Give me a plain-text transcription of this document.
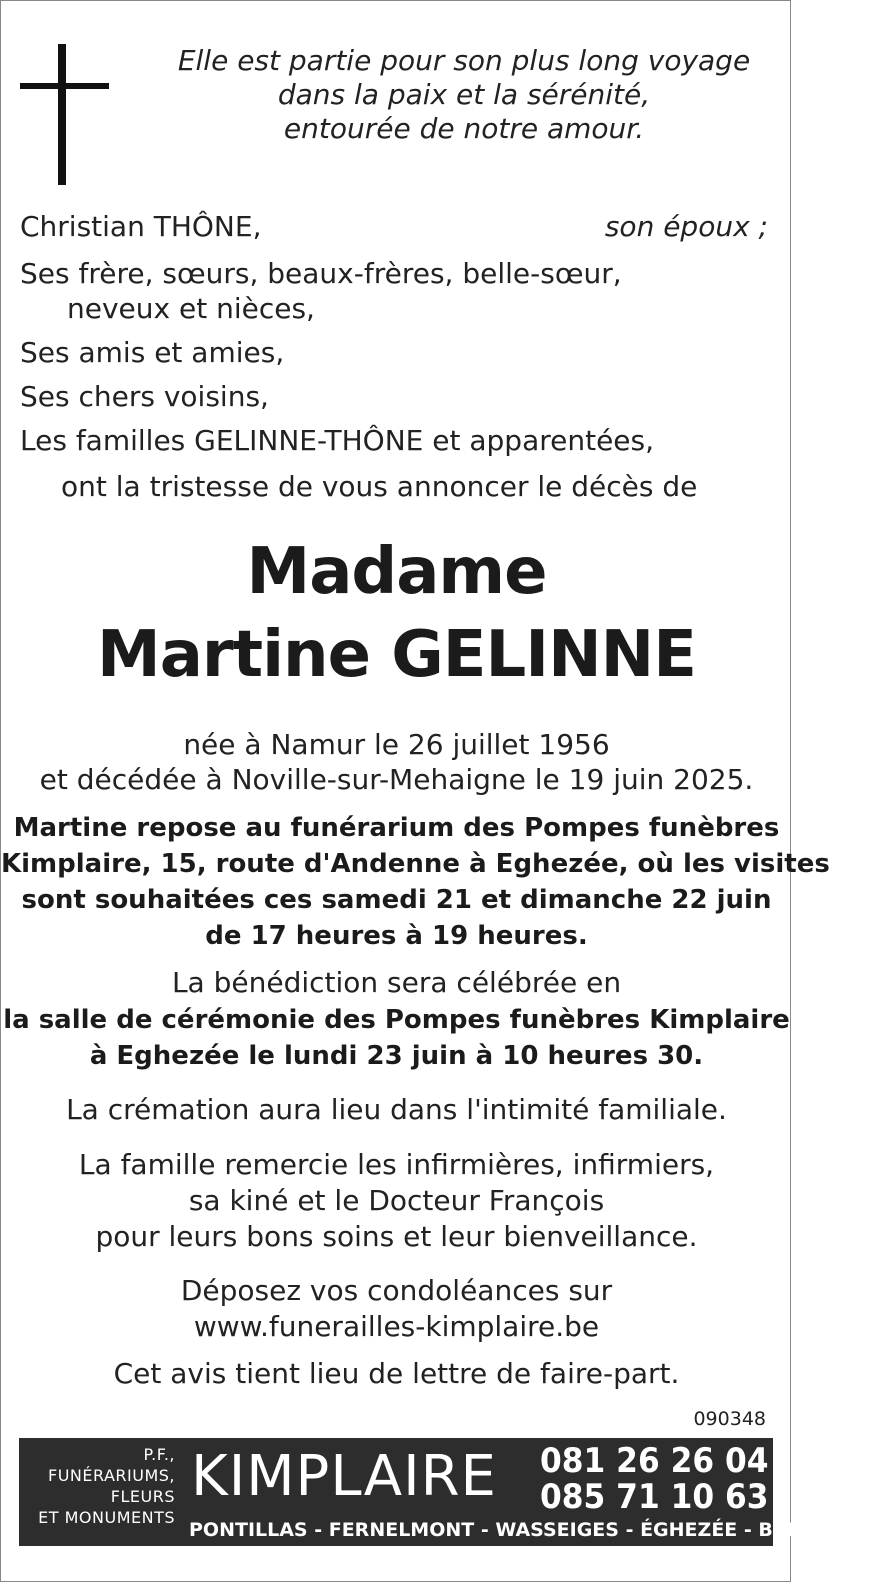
Elle est partie pour son plus long voyage
dans la paix et la sérénité,
entourée de notre amour.
Christian THÔNE,	son époux ;
Ses frère, sœurs, beaux-frères, belle-sœur,
neveux et nièces,
Ses amis et amies,
Ses chers voisins,
Les familles GELINNE-THÔNE et apparentées,
ont la tristesse de vous annoncer le décès de
Madame
Martine GELINNE
née à Namur le 26 juillet 1956
et décédée à Noville-sur-Mehaigne le 19 juin 2025.
Martine repose au funérarium des Pompes funèbres
Kimplaire, 15, route d'Andenne à Eghezée, où les visites
sont souhaitées ces samedi 21 et dimanche 22 juin
de 17 heures à 19 heures.
La bénédiction sera célébrée en
la salle de cérémonie des Pompes funèbres Kimplaire
à Eghezée le lundi 23 juin à 10 heures 30.
La crémation aura lieu dans l'intimité familiale.
La famille remercie les infirmières, infirmiers,
sa kiné et le Docteur François
pour leurs bons soins et leur bienveillance.
Déposez vos condoléances sur
www.funerailles-kimplaire.be
Cet avis tient lieu de lettre de faire-part.
090348
P.F.,
FUNÉRARIUMS,
FLEURS
ET MONUMENTS
KIMPLAIRE 081 26 26 04
085 71 10 63
PONTILLAS - FERNELMONT - WASSEIGES - ÉGHEZÉE - BURDINNE
